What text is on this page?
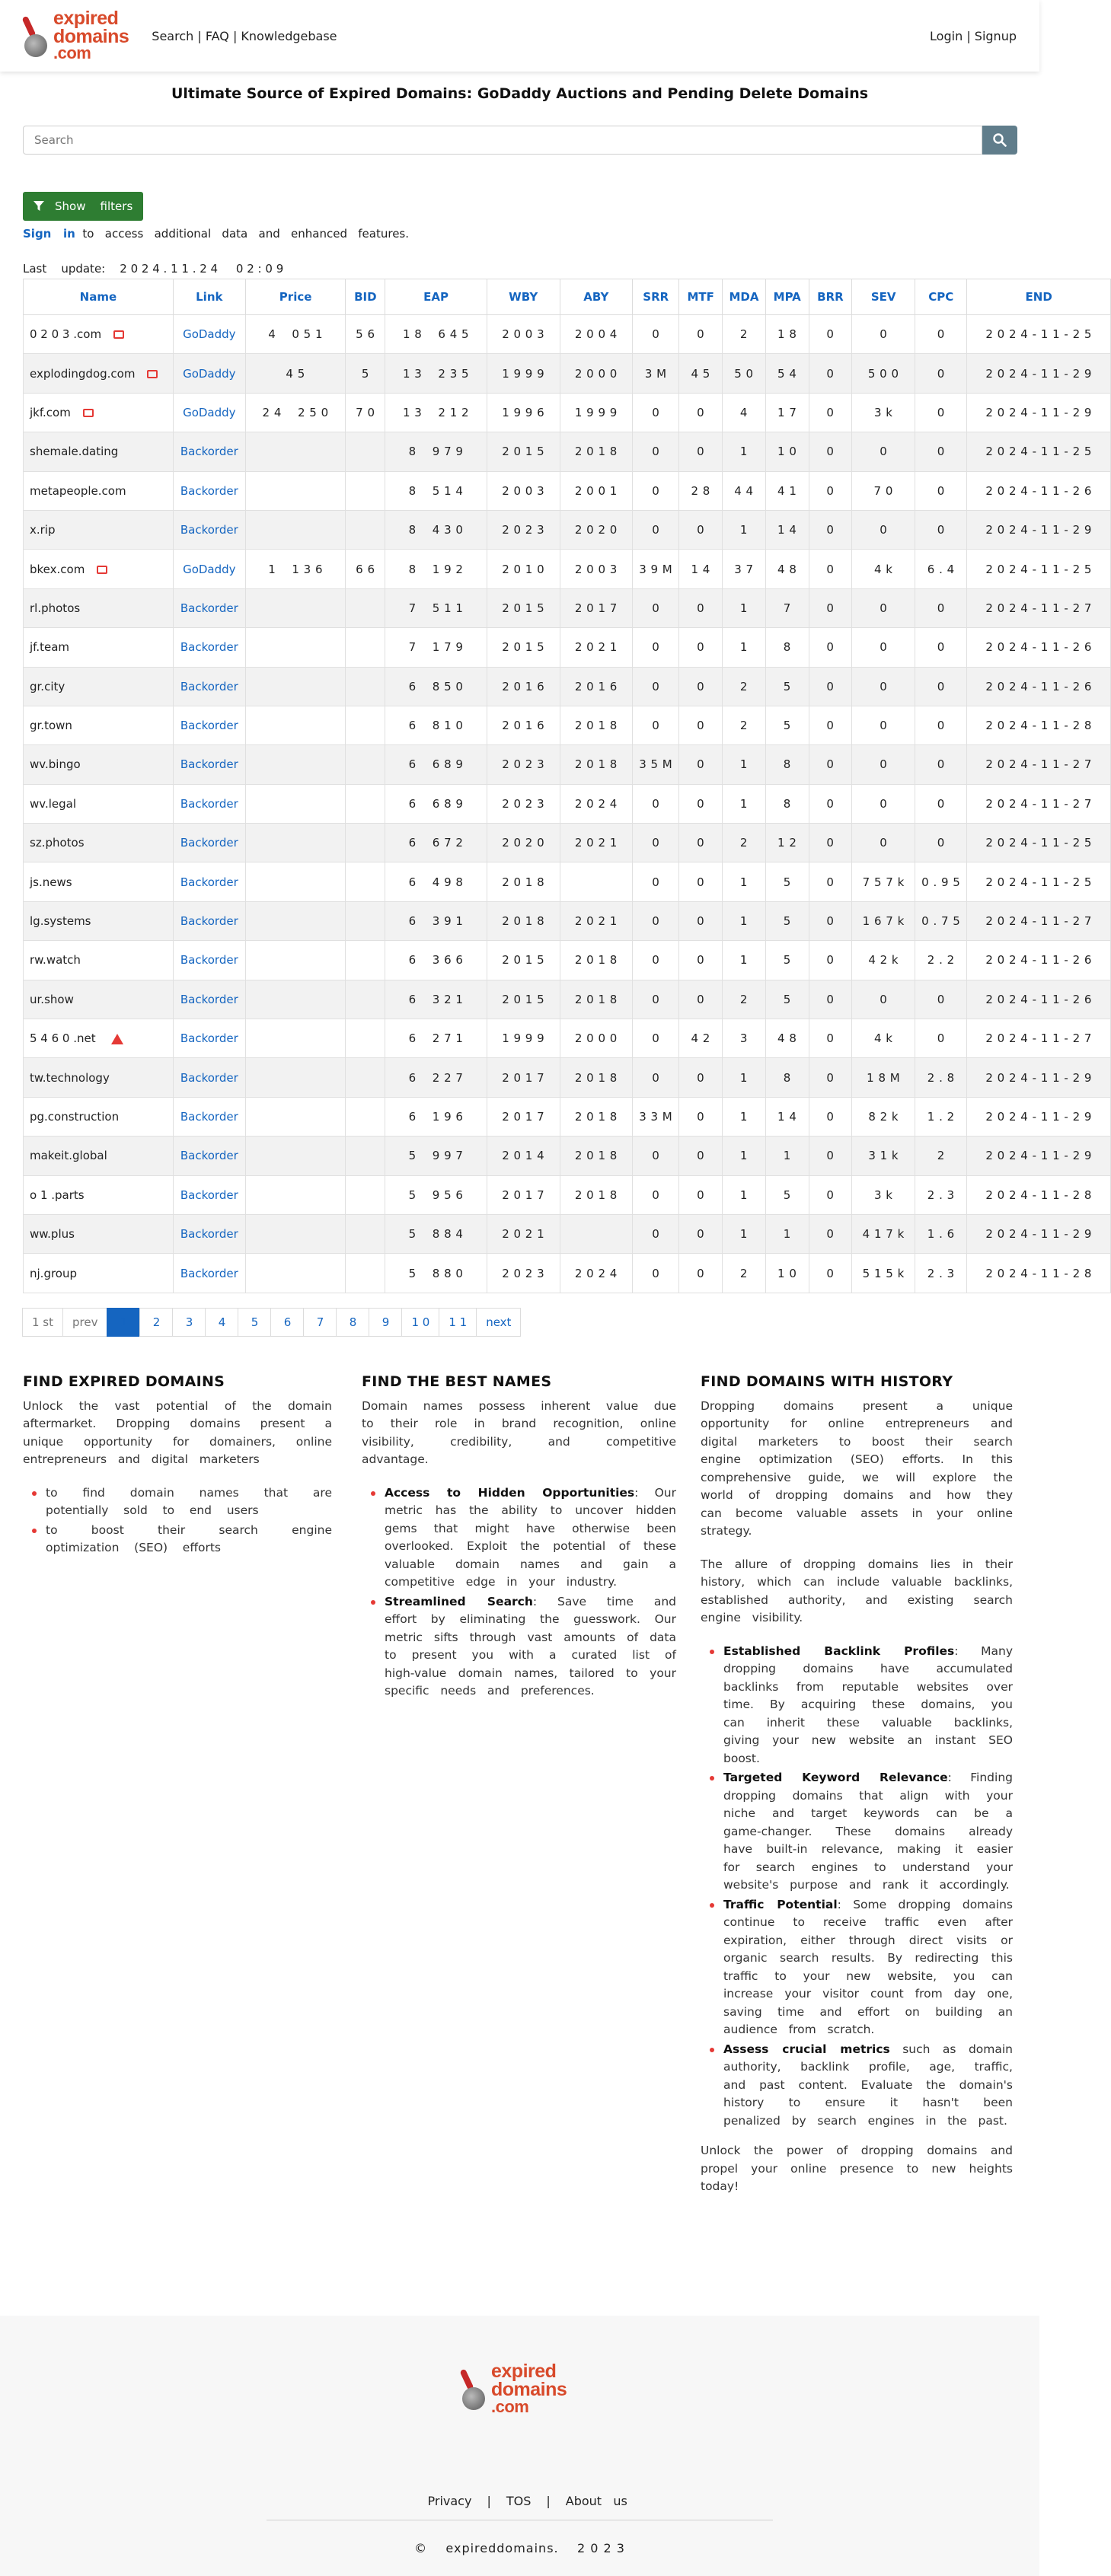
expired
domains
.com
Search | FAQ | Knowledgebase	Login | Signup
Ultimate Source of Expired Domains: GoDaddy Auctions and Pending Delete Domains
Search
Show    filters
Sign   in to   access   additional   data   and   enhanced   features.
Last    update:    2 0 2 4 . 1 1 . 2 4     0 2 : 0 9
Name	Link	Price	BID	EAP	WBY	ABY	SRR	MTF	MDA	MPA	BRR	SEV	CPC	END
0 2 0 3 .com	GoDaddy	4    0 5 1	5 6	1 8    6 4 5	2 0 0 3	2 0 0 4	0	0	2	1 8	0	0	0	2 0 2 4 - 1 1 - 2 5
explodingdog.com	GoDaddy	4 5	5	1 3    2 3 5	1 9 9 9	2 0 0 0	3 M	4 5	5 0	5 4	0	5 0 0	0	2 0 2 4 - 1 1 - 2 9
jkf.com	GoDaddy	2 4    2 5 0	7 0	1 3    2 1 2	1 9 9 6	1 9 9 9	0	0	4	1 7	0	3 k	0	2 0 2 4 - 1 1 - 2 9
shemale.dating	Backorder			8    9 7 9	2 0 1 5	2 0 1 8	0	0	1	1 0	0	0	0	2 0 2 4 - 1 1 - 2 5
metapeople.com	Backorder			8    5 1 4	2 0 0 3	2 0 0 1	0	2 8	4 4	4 1	0	7 0	0	2 0 2 4 - 1 1 - 2 6
x.rip	Backorder			8    4 3 0	2 0 2 3	2 0 2 0	0	0	1	1 4	0	0	0	2 0 2 4 - 1 1 - 2 9
bkex.com	GoDaddy	1    1 3 6	6 6	8    1 9 2	2 0 1 0	2 0 0 3	3 9 M	1 4	3 7	4 8	0	4 k	6 . 4	2 0 2 4 - 1 1 - 2 5
rl.photos	Backorder			7    5 1 1	2 0 1 5	2 0 1 7	0	0	1	7	0	0	0	2 0 2 4 - 1 1 - 2 7
jf.team	Backorder			7    1 7 9	2 0 1 5	2 0 2 1	0	0	1	8	0	0	0	2 0 2 4 - 1 1 - 2 6
gr.city	Backorder			6    8 5 0	2 0 1 6	2 0 1 6	0	0	2	5	0	0	0	2 0 2 4 - 1 1 - 2 6
gr.town	Backorder			6    8 1 0	2 0 1 6	2 0 1 8	0	0	2	5	0	0	0	2 0 2 4 - 1 1 - 2 8
wv.bingo	Backorder			6    6 8 9	2 0 2 3	2 0 1 8	3 5 M	0	1	8	0	0	0	2 0 2 4 - 1 1 - 2 7
wv.legal	Backorder			6    6 8 9	2 0 2 3	2 0 2 4	0	0	1	8	0	0	0	2 0 2 4 - 1 1 - 2 7
sz.photos	Backorder			6    6 7 2	2 0 2 0	2 0 2 1	0	0	2	1 2	0	0	0	2 0 2 4 - 1 1 - 2 5
js.news	Backorder			6    4 9 8	2 0 1 8		0	0	1	5	0	7 5 7 k	0 . 9 5	2 0 2 4 - 1 1 - 2 5
lg.systems	Backorder			6    3 9 1	2 0 1 8	2 0 2 1	0	0	1	5	0	1 6 7 k	0 . 7 5	2 0 2 4 - 1 1 - 2 7
rw.watch	Backorder			6    3 6 6	2 0 1 5	2 0 1 8	0	0	1	5	0	4 2 k	2 . 2	2 0 2 4 - 1 1 - 2 6
ur.show	Backorder			6    3 2 1	2 0 1 5	2 0 1 8	0	0	2	5	0	0	0	2 0 2 4 - 1 1 - 2 6
5 4 6 0 .net	Backorder			6    2 7 1	1 9 9 9	2 0 0 0	0	4 2	3	4 8	0	4 k	0	2 0 2 4 - 1 1 - 2 7
tw.technology	Backorder			6    2 2 7	2 0 1 7	2 0 1 8	0	0	1	8	0	1 8 M	2 . 8	2 0 2 4 - 1 1 - 2 9
pg.construction	Backorder			6    1 9 6	2 0 1 7	2 0 1 8	3 3 M	0	1	1 4	0	8 2 k	1 . 2	2 0 2 4 - 1 1 - 2 9
makeit.global	Backorder			5    9 9 7	2 0 1 4	2 0 1 8	0	0	1	1	0	3 1 k	2	2 0 2 4 - 1 1 - 2 9
o 1 .parts	Backorder			5    9 5 6	2 0 1 7	2 0 1 8	0	0	1	5	0	3 k	2 . 3	2 0 2 4 - 1 1 - 2 8
ww.plus	Backorder			5    8 8 4	2 0 2 1		0	0	1	1	0	4 1 7 k	1 . 6	2 0 2 4 - 1 1 - 2 9
nj.group	Backorder			5    8 8 0	2 0 2 3	2 0 2 4	0	0	2	1 0	0	5 1 5 k	2 . 3	2 0 2 4 - 1 1 - 2 8
1 st	prev	1	2	3	4	5	6	7	8	9	1 0	1 1	next
FIND EXPIRED DOMAINS

Unlock   the   vast   potential   of   the   domain   aftermarket.   Dropping   domains   present   a   unique   opportunity   for   domainers,   online   entrepreneurs   and   digital   marketers

to    find    domain    names    that    are    potentially    sold    to    end    users
to    boost    their    search    engine    optimization    (SEO)    efforts
FIND THE BEST NAMES

Domain   names   possess   inherent   value   due   to   their   role   in   brand   recognition,   online   visibility,   credibility,   and   competitive   advantage.

Access   to   Hidden   Opportunities:   Our   metric   has   the   ability   to   uncover   hidden   gems   that   might   have   otherwise   been   overlooked.   Exploit   the   potential   of   these   valuable   domain   names   and   gain   a   competitive   edge   in   your   industry.
Streamlined   Search:   Save   time   and   effort   by   eliminating   the   guesswork.   Our   metric   sifts   through   vast   amounts   of   data   to   present   you   with   a   curated   list   of   high-value   domain   names,   tailored   to   your   specific   needs   and   preferences.
FIND DOMAINS WITH HISTORY

Dropping   domains   present   a   unique   opportunity   for   online   entrepreneurs   and   digital   marketers   to   boost   their   search   engine   optimization   (SEO)   efforts.   In   this   comprehensive   guide,   we   will   explore   the   world   of   dropping   domains   and   how   they   can   become   valuable   assets   in   your   online   strategy.

The   allure   of   dropping   domains   lies   in   their   history,   which   can   include   valuable   backlinks,   established   authority,   and   existing   search   engine   visibility.

Established   Backlink   Profiles:   Many   dropping   domains   have   accumulated   backlinks   from   reputable   websites   over   time.   By   acquiring   these   domains,   you   can   inherit   these   valuable   backlinks,   giving   your   new   website   an   instant   SEO   boost.
Targeted   Keyword   Relevance:   Finding   dropping   domains   that   align   with   your   niche   and   target   keywords   can   be   a   game-changer.   These   domains   already   have   built-in   relevance,   making   it   easier   for   search   engines   to   understand   your   website's   purpose   and   rank   it   accordingly.
Traffic   Potential:   Some   dropping   domains   continue   to   receive   traffic   even   after   expiration,   either   through   direct   visits   or   organic   search   results.   By   redirecting   this   traffic   to   your   new   website,   you   can   increase   your   visitor   count   from   day   one,   saving   time   and   effort   on   building   an   audience   from   scratch.
Assess   crucial   metrics   such   as   domain   authority,   backlink   profile,   age,   traffic,   and   past   content.   Evaluate   the   domain's   history   to   ensure   it   hasn't   been   penalized   by   search   engines   in   the   past.

Unlock   the   power   of   dropping   domains   and   propel   your   online   presence   to   new   heights   today!

expired
domains
.com

Privacy | TOS | About   us

© expireddomains.    2 0 2 3
